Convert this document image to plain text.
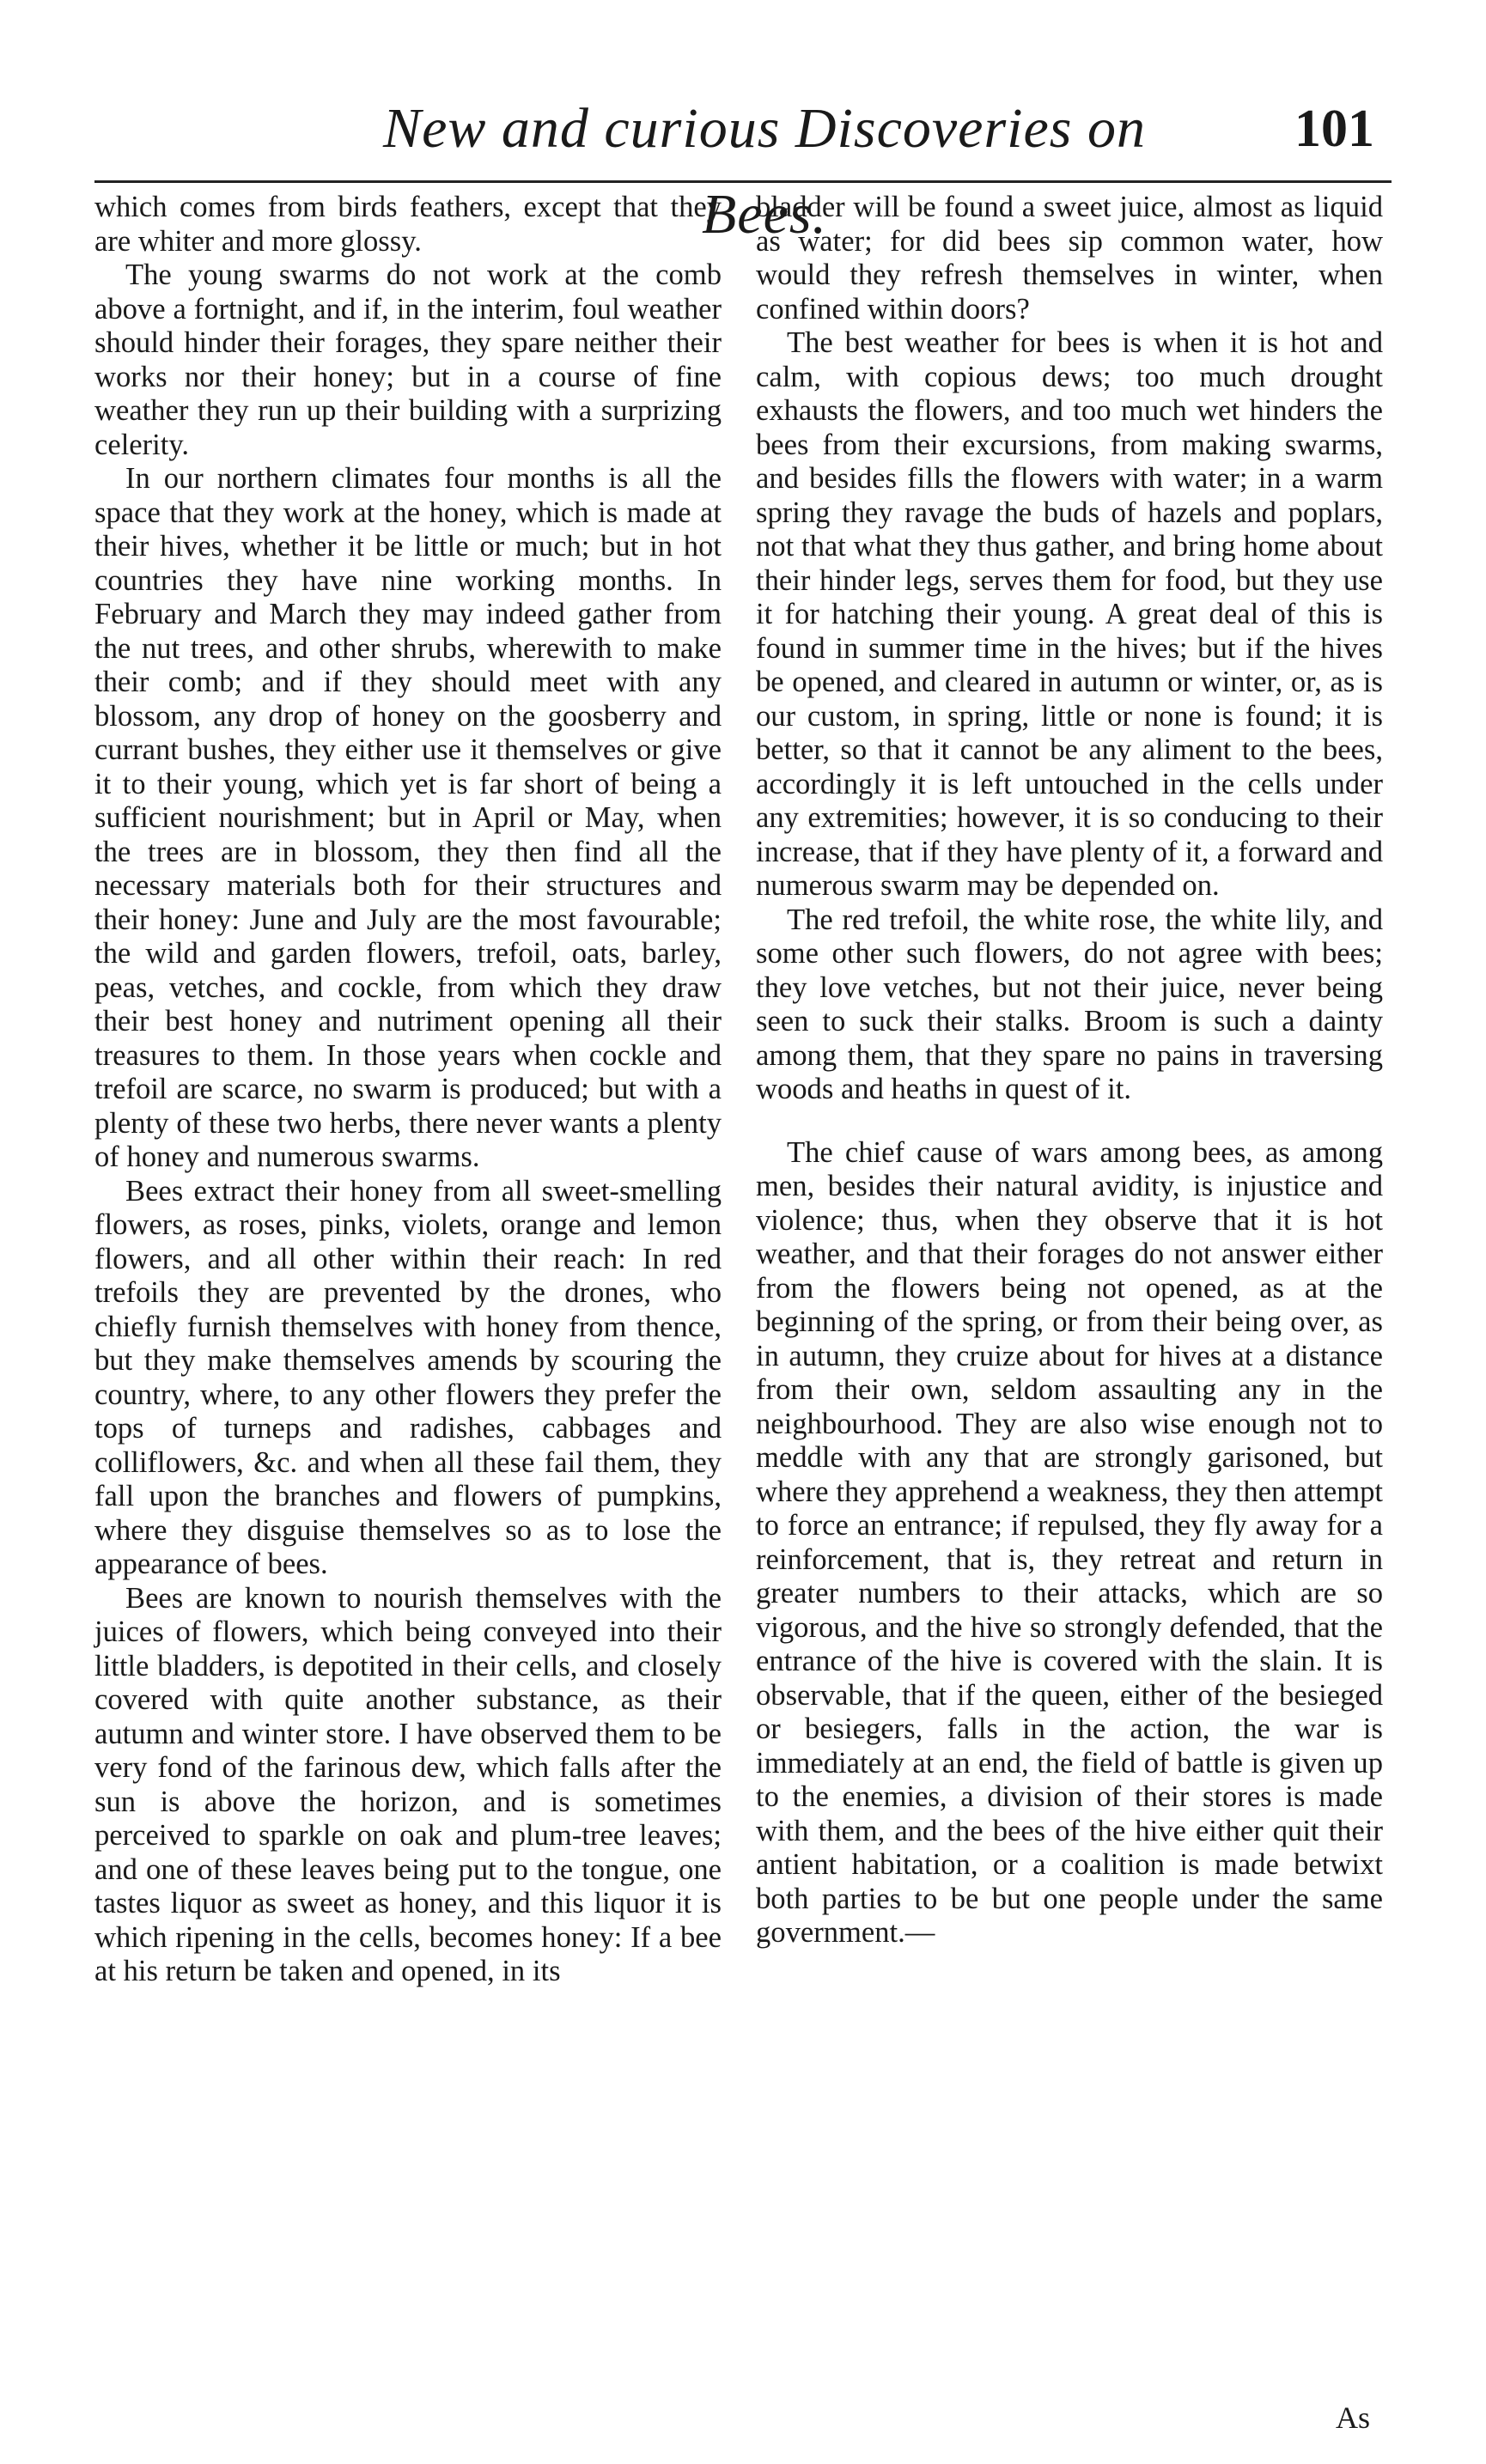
New and curious Discoveries on Bees.
101

which comes from birds feathers, except that they are whiter and more glossy.

The young swarms do not work at the comb above a fortnight, and if, in the interim, foul weather should hinder their forages, they spare neither their works nor their honey; but in a course of fine weather they run up their building with a surprizing celerity.

In our northern climates four months is all the space that they work at the honey, which is made at their hives, whether it be little or much; but in hot countries they have nine working months. In February and March they may indeed gather from the nut trees, and other shrubs, wherewith to make their comb; and if they should meet with any blossom, any drop of honey on the goosberry and currant bushes, they either use it themselves or give it to their young, which yet is far short of being a sufficient nourishment; but in April or May, when the trees are in blossom, they then find all the necessary materials both for their structures and their honey: June and July are the most favourable; the wild and garden flowers, trefoil, oats, barley, peas, vetches, and cockle, from which they draw their best honey and nutriment opening all their treasures to them. In those years when cockle and trefoil are scarce, no swarm is produced; but with a plenty of these two herbs, there never wants a plenty of honey and numerous swarms.

Bees extract their honey from all sweet-smelling flowers, as roses, pinks, violets, orange and lemon flowers, and all other within their reach: In red trefoils they are prevented by the drones, who chiefly furnish themselves with honey from thence, but they make themselves amends by scouring the country, where, to any other flowers they prefer the tops of turneps and radishes, cabbages and colliflowers, &c. and when all these fail them, they fall upon the branches and flowers of pumpkins, where they disguise themselves so as to lose the appearance of bees.

Bees are known to nourish themselves with the juices of flowers, which being conveyed into their little bladders, is depotited in their cells, and closely covered with quite another substance, as their autumn and winter store. I have observed them to be very fond of the farinous dew, which falls after the sun is above the horizon, and is sometimes perceived to sparkle on oak and plum-tree leaves; and one of these leaves being put to the tongue, one tastes liquor as sweet as honey, and this liquor it is which ripening in the cells, becomes honey: If a bee at his return be taken and opened, in its

bladder will be found a sweet juice, almost as liquid as water; for did bees sip common water, how would they refresh themselves in winter, when confined within doors?

The best weather for bees is when it is hot and calm, with copious dews; too much drought exhausts the flowers, and too much wet hinders the bees from their excursions, from making swarms, and besides fills the flowers with water; in a warm spring they ravage the buds of hazels and poplars, not that what they thus gather, and bring home about their hinder legs, serves them for food, but they use it for hatching their young. A great deal of this is found in summer time in the hives; but if the hives be opened, and cleared in autumn or winter, or, as is our custom, in spring, little or none is found; it is better, so that it cannot be any aliment to the bees, accordingly it is left untouched in the cells under any extremities; however, it is so conducing to their increase, that if they have plenty of it, a forward and numerous swarm may be depended on.

The red trefoil, the white rose, the white lily, and some other such flowers, do not agree with bees; they love vetches, but not their juice, never being seen to suck their stalks. Broom is such a dainty among them, that they spare no pains in traversing woods and heaths in quest of it.

The chief cause of wars among bees, as among men, besides their natural avidity, is injustice and violence; thus, when they observe that it is hot weather, and that their forages do not answer either from the flowers being not opened, as at the beginning of the spring, or from their being over, as in autumn, they cruize about for hives at a distance from their own, seldom assaulting any in the neighbourhood. They are also wise enough not to meddle with any that are strongly garisoned, but where they apprehend a weakness, they then attempt to force an entrance; if repulsed, they fly away for a reinforcement, that is, they retreat and return in greater numbers to their attacks, which are so vigorous, and the hive so strongly defended, that the entrance of the hive is covered with the slain. It is observable, that if the queen, either of the besieged or besiegers, falls in the action, the war is immediately at an end, the field of battle is given up to the enemies, a division of their stores is made with them, and the bees of the hive either quit their antient habitation, or a coalition is made betwixt both parties to be but one people under the same government.—

As
